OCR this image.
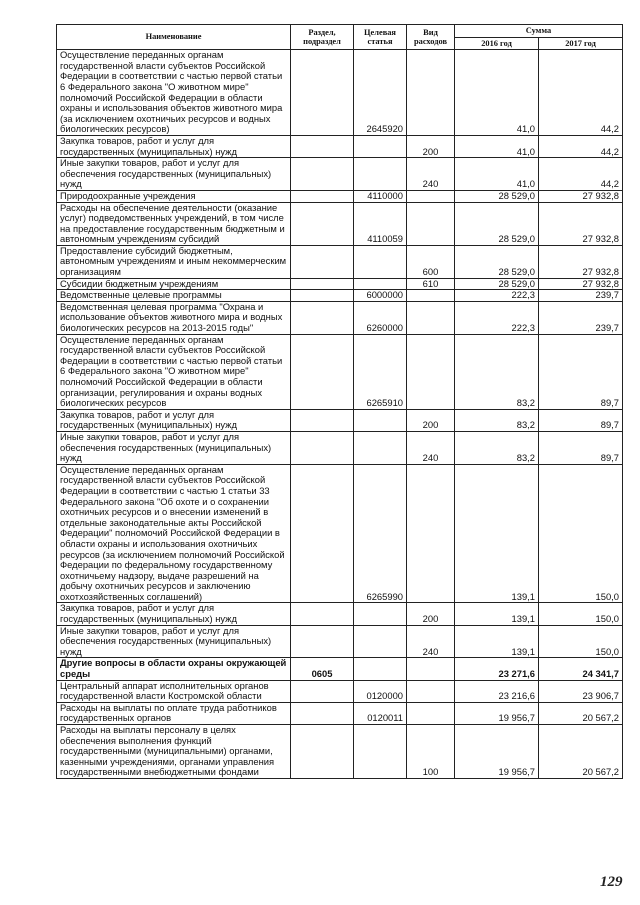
Наименование	Раздел, подраздел	Целевая статья	Вид расходов	Сумма	
				2016 год	2017 год
Осуществление переданных органам государственной власти субъектов Российской Федерации в соответствии с частью первой статьи 6 Федерального закона "О животном мире" полномочий Российской Федерации в области охраны и использования объектов животного мира (за исключением охотничьих ресурсов и водных биологических ресурсов)		2645920		41,0	44,2
Закупка товаров, работ и услуг для государственных (муниципальных) нужд			200	41,0	44,2
Иные закупки товаров, работ и услуг для обеспечения государственных (муниципальных) нужд			240	41,0	44,2
Природоохранные учреждения		4110000		28 529,0	27 932,8
Расходы на обеспечение деятельности (оказание услуг) подведомственных учреждений, в том числе на предоставление государственным бюджетным и автономным учреждениям субсидий		4110059		28 529,0	27 932,8
Предоставление субсидий бюджетным, автономным учреждениям и иным некоммерческим организациям			600	28 529,0	27 932,8
Субсидии бюджетным учреждениям			610	28 529,0	27 932,8
Ведомственные целевые программы		6000000		222,3	239,7
Ведомственная целевая программа "Охрана и использование объектов животного мира и водных биологических ресурсов на 2013-2015 годы"		6260000		222,3	239,7
Осуществление переданных органам государственной власти субъектов Российской Федерации в соответствии с частью первой статьи 6 Федерального закона "О животном мире" полномочий Российской Федерации в области организации, регулирования и охраны водных биологических ресурсов		6265910		83,2	89,7
Закупка товаров, работ и услуг для государственных (муниципальных) нужд			200	83,2	89,7
Иные закупки товаров, работ и услуг для обеспечения государственных (муниципальных) нужд			240	83,2	89,7
Осуществление переданных органам государственной власти субъектов Российской Федерации в соответствии с частью 1 статьи 33 Федерального закона "Об охоте и о сохранении охотничьих ресурсов и о внесении изменений в отдельные законодательные акты Российской Федерации" полномочий Российской Федерации в области охраны и использования охотничьих ресурсов (за исключением полномочий Российской Федерации по федеральному государственному охотничьему надзору, выдаче разрешений на добычу охотничьих ресурсов и заключению охотхозяйственных соглашений)		6265990		139,1	150,0
Закупка товаров, работ и услуг для государственных (муниципальных) нужд			200	139,1	150,0
Иные закупки товаров, работ и услуг для обеспечения государственных (муниципальных) нужд			240	139,1	150,0
Другие вопросы в области охраны окружающей среды	0605			23 271,6	24 341,7
Центральный аппарат исполнительных органов государственной власти Костромской области		0120000		23 216,6	23 906,7
Расходы на выплаты по оплате труда работников государственных органов		0120011		19 956,7	20 567,2
Расходы на выплаты персоналу в целях обеспечения выполнения функций государственными (муниципальными) органами, казенными учреждениями, органами управления государственными внебюджетными фондами			100	19 956,7	20 567,2
129
